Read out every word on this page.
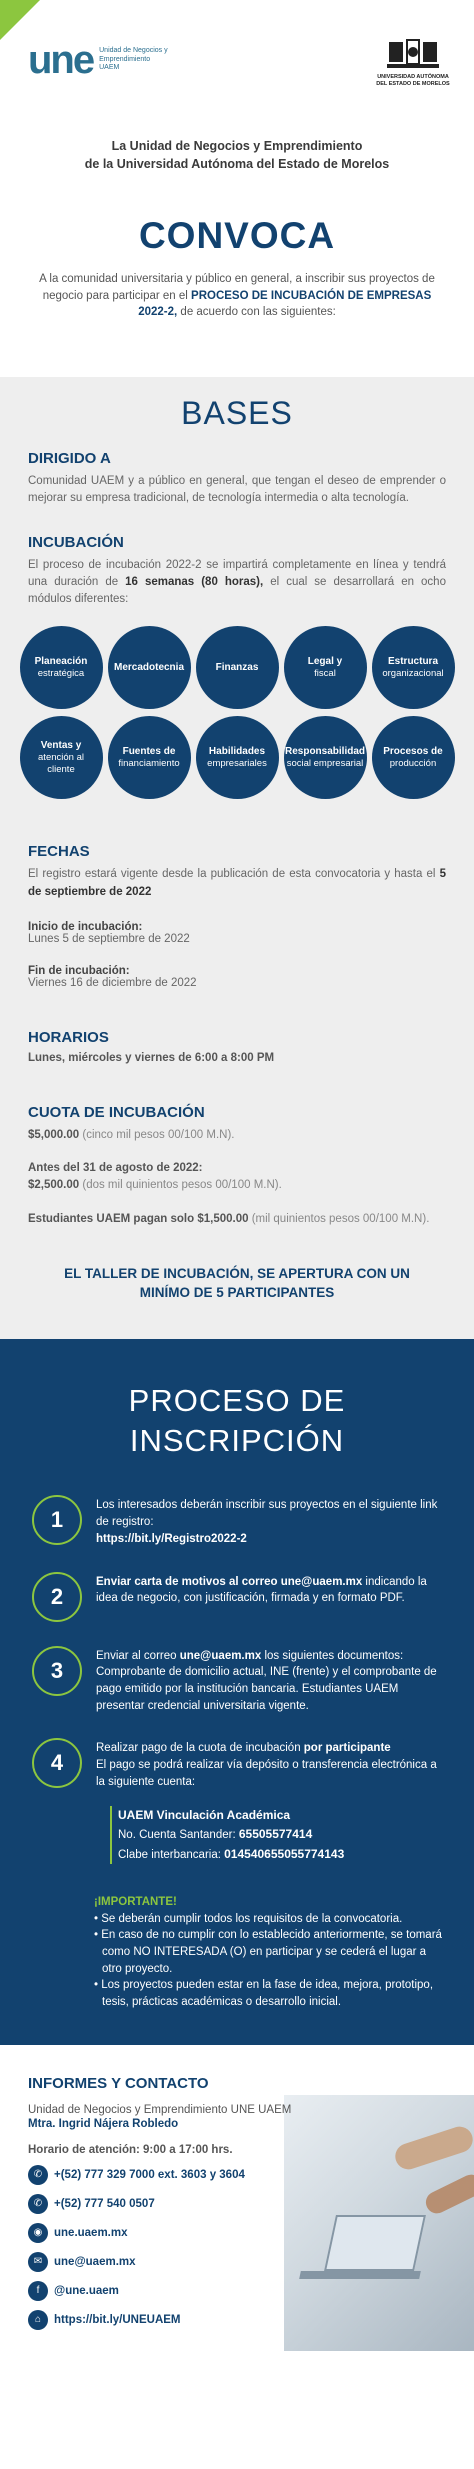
une Unidad de Negocios y
Emprendimiento
UAEM
UNIVERSIDAD AUTÓNOMA DEL ESTADO DE MORELOS
La Unidad de Negocios y Emprendimiento
de la Universidad Autónoma del Estado de Morelos
CONVOCA

A la comunidad universitaria y público en general, a inscribir sus proyectos de negocio para participar en el PROCESO DE INCUBACIÓN DE EMPRESAS 2022-2, de acuerdo con las siguientes:

BASES
DIRIGIDO A

Comunidad UAEM y a público en general, que tengan el deseo de emprender o mejorar su empresa tradicional, de tecnología intermedia o alta tecnología.

INCUBACIÓN

El proceso de incubación 2022-2 se impartirá completamente en línea y tendrá una duración de 16 semanas (80 horas), el cual se desarrollará en ocho módulos diferentes:

Planeación
estratégica
Mercadotecnia	Finanzas
Legal y
fiscal
Estructura
organizacional
Ventas y
atención al cliente
Fuentes de
financiamiento
Habilidades
empresariales
Responsabilidad
social empresarial
Procesos de
producción
FECHAS

El registro estará vigente desde la publicación de esta convocatoria y hasta el 5 de septiembre de 2022

Inicio de incubación:
Lunes 5 de septiembre de 2022
Fin de incubación:
Viernes 16 de diciembre de 2022
HORARIOS
Lunes, miércoles y viernes de 6:00 a 8:00 PM
CUOTA DE INCUBACIÓN
$5,000.00 (cinco mil pesos 00/100 M.N).
Antes del 31 de agosto de 2022:
$2,500.00 (dos mil quinientos pesos 00/100 M.N).
Estudiantes UAEM pagan solo $1,500.00 (mil quinientos pesos 00/100 M.N).
EL TALLER DE INCUBACIÓN, SE APERTURA CON UN MINÍMO DE 5 PARTICIPANTES
PROCESO DE
INSCRIPCIÓN
1
Los interesados deberán inscribir sus proyectos en el siguiente link de registro:
https://bit.ly/Registro2022-2
2
Enviar carta de motivos al correo une@uaem.mx indicando la idea de negocio, con justificación, firmada y en formato PDF.
3
Enviar al correo une@uaem.mx los siguientes documentos: Comprobante de domicilio actual, INE (frente) y el comprobante de pago emitido por la institución bancaria. Estudiantes UAEM presentar credencial universitaria vigente.
4
Realizar pago de la cuota de incubación por participante
El pago se podrá realizar vía depósito o transferencia electrónica a la siguiente cuenta:
UAEM Vinculación Académica
No. Cuenta Santander: 65505577414
Clabe interbancaria: 014540655055774143
¡IMPORTANTE!
• Se deberán cumplir todos los requisitos de la convocatoria.
• En caso de no cumplir con lo establecido anteriormente, se tomará como NO INTERESADA (O) en participar y se cederá el lugar a otro proyecto.
• Los proyectos pueden estar en la fase de idea, mejora, prototipo, tesis, prácticas académicas o desarrollo inicial.
INFORMES Y CONTACTO
Unidad de Negocios y Emprendimiento UNE UAEM
Mtra. Ingrid Nájera Robledo
Horario de atención: 9:00 a 17:00 hrs.
✆	+(52) 777 329 7000 ext. 3603 y 3604
✆	+(52) 777 540 0507
◉	une.uaem.mx
✉	une@uaem.mx
f	@une.uaem
⌂	https://bit.ly/UNEUAEM
